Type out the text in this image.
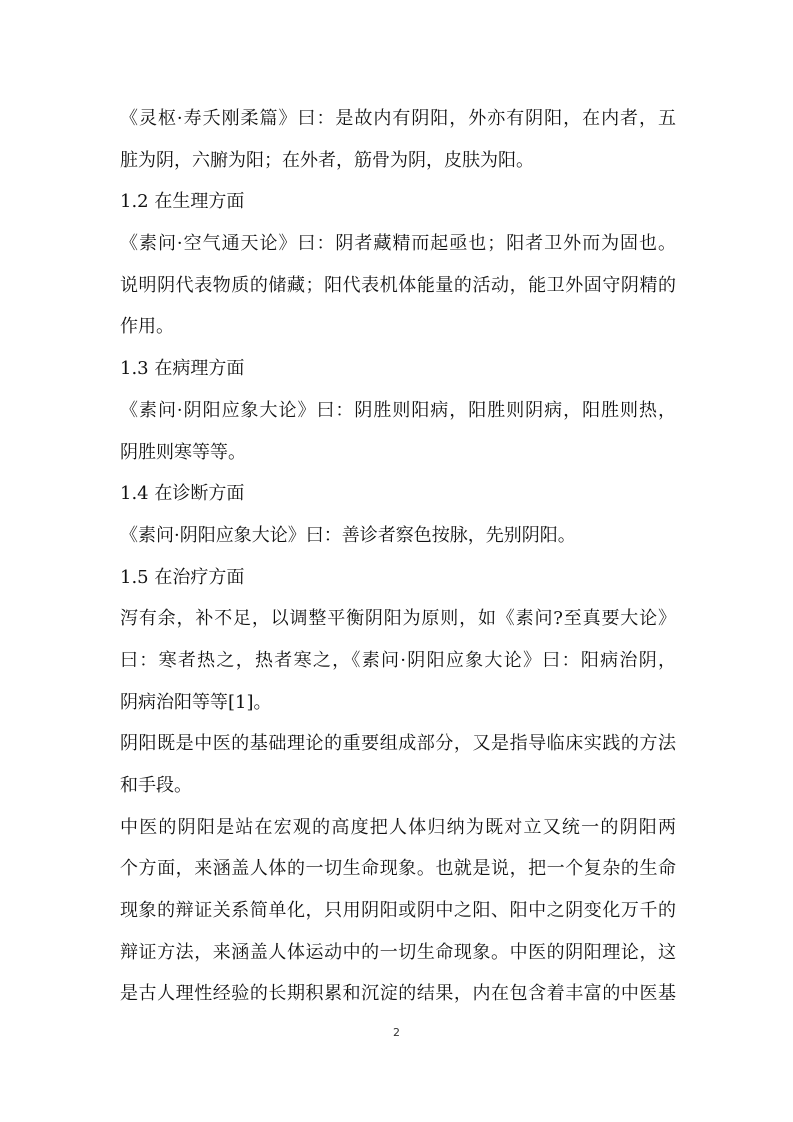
《灵枢·寿夭刚柔篇》曰：是故内有阴阳，外亦有阴阳，在内者，五
脏为阴，六腑为阳；在外者，筋骨为阴，皮肤为阳。
1.2 在生理方面
《素问·空气通天论》曰：阴者藏精而起亟也；阳者卫外而为固也。
说明阴代表物质的储藏；阳代表机体能量的活动，能卫外固守阴精的
作用。
1.3 在病理方面
《素问·阴阳应象大论》曰：阴胜则阳病，阳胜则阴病，阳胜则热，
阴胜则寒等等。
1.4 在诊断方面
《素问·阴阳应象大论》曰：善诊者察色按脉，先别阴阳。
1.5 在治疗方面
泻有余，补不足，以调整平衡阴阳为原则，如《素问?至真要大论》
曰：寒者热之，热者寒之，《素问·阴阳应象大论》曰：阳病治阴，
阴病治阳等等[1]。
阴阳既是中医的基础理论的重要组成部分，又是指导临床实践的方法
和手段。
中医的阴阳是站在宏观的高度把人体归纳为既对立又统一的阴阳两
个方面，来涵盖人体的一切生命现象。也就是说，把一个复杂的生命
现象的辩证关系简单化，只用阴阳或阴中之阳、阳中之阴变化万千的
辩证方法，来涵盖人体运动中的一切生命现象。中医的阴阳理论，这
是古人理性经验的长期积累和沉淀的结果，内在包含着丰富的中医基
2
